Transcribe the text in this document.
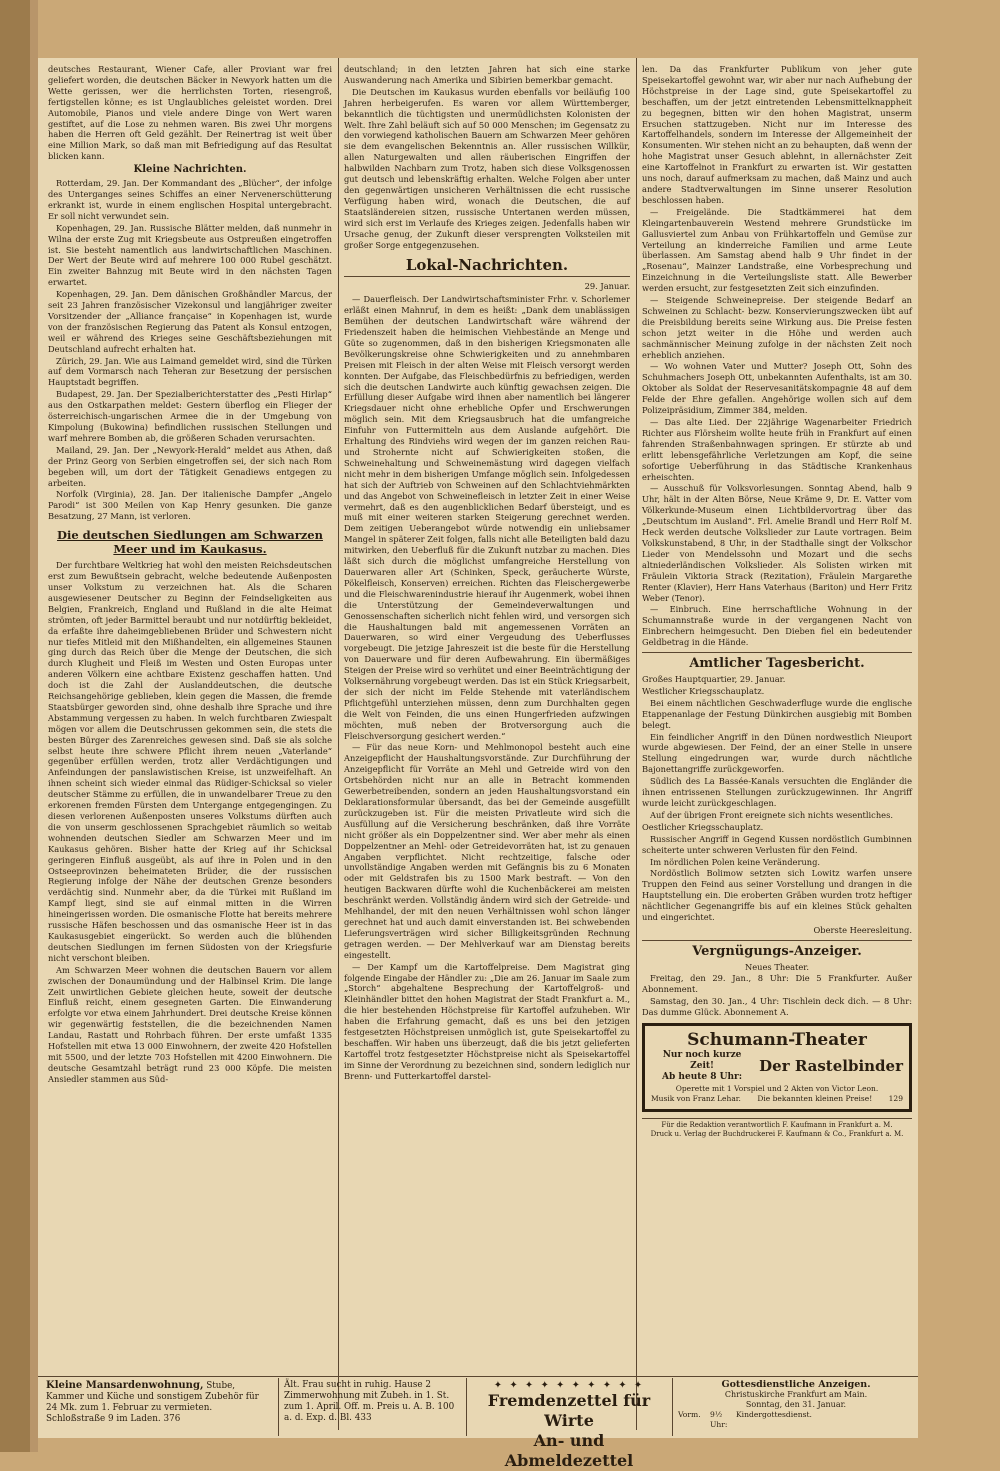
deutsches Restaurant, Wiener Cafe, aller Proviant war frei geliefert worden, die deutschen Bäcker in Newyork hatten um die Wette gerissen, wer die herrlichsten Torten, riesengroß, fertigstellen könne; es ist Unglaubliches geleistet worden. Drei Automobile, Pianos und viele andere Dinge von Wert waren gestiftet, auf die Lose zu nehmen waren. Bis zwei Uhr morgens haben die Herren oft Geld gezählt. Der Reinertrag ist weit über eine Million Mark, so daß man mit Befriedigung auf das Resultat blicken kann.

Kleine Nachrichten.

Rotterdam, 29. Jan. Der Kommandant des „Blücher“, der infolge des Unterganges seines Schiffes an einer Nervenerschütterung erkrankt ist, wurde in einem englischen Hospital untergebracht. Er soll nicht verwundet sein.

Kopenhagen, 29. Jan. Russische Blätter melden, daß nunmehr in Wilna der erste Zug mit Kriegsbeute aus Ostpreußen eingetroffen ist. Sie besteht namentlich aus landwirtschaftlichen Maschinen. Der Wert der Beute wird auf mehrere 100 000 Rubel geschätzt. Ein zweiter Bahnzug mit Beute wird in den nächsten Tagen erwartet.

Kopenhagen, 29. Jan. Dem dänischen Großhändler Marcus, der seit 23 Jahren französischer Vizekonsul und langjähriger zweiter Vorsitzender der „Alliance française“ in Kopenhagen ist, wurde von der französischen Regierung das Patent als Konsul entzogen, weil er während des Krieges seine Geschäftsbeziehungen mit Deutschland aufrecht erhalten hat.

Zürich, 29. Jan. Wie aus Laimand gemeldet wird, sind die Türken auf dem Vormarsch nach Teheran zur Besetzung der persischen Hauptstadt begriffen.

Budapest, 29. Jan. Der Spezialberichterstatter des „Pesti Hirlap“ aus den Ostkarpathen meldet: Gestern überflog ein Flieger der österreichisch-ungarischen Armee die in der Umgebung von Kimpolung (Bukowina) befindlichen russischen Stellungen und warf mehrere Bomben ab, die größeren Schaden verursachten.

Mailand, 29. Jan. Der „Newyork-Herald“ meldet aus Athen, daß der Prinz Georg von Serbien eingetroffen sei, der sich nach Rom begeben will, um dort der Tätigkeit Genadiews entgegen zu arbeiten.

Norfolk (Virginia), 28. Jan. Der italienische Dampfer „Angelo Parodi“ ist 300 Meilen von Kap Henry gesunken. Die ganze Besatzung, 27 Mann, ist verloren.

Die deutschen Siedlungen am Schwarzen Meer und im Kaukasus.

Der furchtbare Weltkrieg hat wohl den meisten Reichsdeutschen erst zum Bewußtsein gebracht, welche bedeutende Außenposten unser Volkstum zu verzeichnen hat. Als die Scharen ausgewiesener Deutscher zu Beginn der Feindseligkeiten aus Belgien, Frankreich, England und Rußland in die alte Heimat strömten, oft jeder Barmittel beraubt und nur notdürftig bekleidet, da erfaßte ihre daheimgebliebenen Brüder und Schwestern nicht nur tiefes Mitleid mit den Mißhandelten, ein allgemeines Staunen ging durch das Reich über die Menge der Deutschen, die sich durch Klugheit und Fleiß im Westen und Osten Europas unter anderen Völkern eine achtbare Existenz geschaffen hatten. Und doch ist die Zahl der Auslanddeutschen, die deutsche Reichsangehörige geblieben, klein gegen die Massen, die fremde Staatsbürger geworden sind, ohne deshalb ihre Sprache und ihre Abstammung vergessen zu haben. In welch furchtbaren Zwiespalt mögen vor allem die Deutschrussen gekommen sein, die stets die besten Bürger des Zarenreiches gewesen sind. Daß sie als solche selbst heute ihre schwere Pflicht ihrem neuen „Vaterlande“ gegenüber erfüllen werden, trotz aller Verdächtigungen und Anfeindungen der panslawistischen Kreise, ist unzweifelhaft. An ihnen scheint sich wieder einmal das Rüdiger-Schicksal so vieler deutscher Stämme zu erfüllen, die in unwandelbarer Treue zu den erkorenen fremden Fürsten dem Untergange entgegengingen. Zu diesen verlorenen Außenposten unseres Volkstums dürften auch die von unserm geschlossenen Sprachgebiet räumlich so weitab wohnenden deutschen Siedler am Schwarzen Meer und im Kaukasus gehören. Bisher hatte der Krieg auf ihr Schicksal geringeren Einfluß ausgeübt, als auf ihre in Polen und in den Ostseeprovinzen beheimateten Brüder, die der russischen Regierung infolge der Nähe der deutschen Grenze besonders verdächtig sind. Nunmehr aber, da die Türkei mit Rußland im Kampf liegt, sind sie auf einmal mitten in die Wirren hineingerissen worden. Die osmanische Flotte hat bereits mehrere russische Häfen beschossen und das osmanische Heer ist in das Kaukasusgebiet eingerückt. So werden auch die blühenden deutschen Siedlungen im fernen Südosten von der Kriegsfurie nicht verschont bleiben.

Am Schwarzen Meer wohnen die deutschen Bauern vor allem zwischen der Donaumündung und der Halbinsel Krim. Die lange Zeit unwirtlichen Gebiete gleichen heute, soweit der deutsche Einfluß reicht, einem gesegneten Garten. Die Einwanderung erfolgte vor etwa einem Jahrhundert. Drei deutsche Kreise können wir gegenwärtig feststellen, die die bezeichnenden Namen Landau, Rastatt und Rohrbach führen. Der erste umfaßt 1335 Hofstellen mit etwa 13 000 Einwohnern, der zweite 420 Hofstellen mit 5500, und der letzte 703 Hofstellen mit 4200 Einwohnern. Die deutsche Gesamtzahl beträgt rund 23 000 Köpfe. Die meisten Ansiedler stammen aus Süd-

deutschland; in den letzten Jahren hat sich eine starke Auswanderung nach Amerika und Sibirien bemerkbar gemacht.

Die Deutschen im Kaukasus wurden ebenfalls vor beiläufig 100 Jahren herbeigerufen. Es waren vor allem Württemberger, bekanntlich die tüchtigsten und unermüdlichsten Kolonisten der Welt. Ihre Zahl beläuft sich auf 50 000 Menschen; im Gegensatz zu den vorwiegend katholischen Bauern am Schwarzen Meer gehören sie dem evangelischen Bekenntnis an. Aller russischen Willkür, allen Naturgewalten und allen räuberischen Eingriffen der halbwilden Nachbarn zum Trotz, haben sich diese Volksgenossen gut deutsch und lebenskräftig erhalten. Welche Folgen aber unter den gegenwärtigen unsicheren Verhältnissen die echt russische Verfügung haben wird, wonach die Deutschen, die auf Staatsländereien sitzen, russische Untertanen werden müssen, wird sich erst im Verlaufe des Krieges zeigen. Jedenfalls haben wir Ursache genug, der Zukunft dieser versprengten Volksteilen mit großer Sorge entgegenzusehen.

Lokal-Nachrichten.
29. Januar.

— Dauerfleisch. Der Landwirtschaftsminister Frhr. v. Schorlemer erläßt einen Mahnruf, in dem es heißt: „Dank dem unablässigen Bemühen der deutschen Landwirtschaft wäre während der Friedenszeit haben die heimischen Viehbestände an Menge und Güte so zugenommen, daß in den bisherigen Kriegsmonaten alle Bevölkerungskreise ohne Schwierigkeiten und zu annehmbaren Preisen mit Fleisch in der alten Weise mit Fleisch versorgt werden konnten. Der Aufgabe, das Fleischbedürfnis zu befriedigen, werden sich die deutschen Landwirte auch künftig gewachsen zeigen. Die Erfüllung dieser Aufgabe wird ihnen aber namentlich bei längerer Kriegsdauer nicht ohne erhebliche Opfer und Erschwerungen möglich sein. Mit dem Kriegsausbruch hat die umfangreiche Einfuhr von Futtermitteln aus dem Auslande aufgehört. Die Erhaltung des Rindviehs wird wegen der im ganzen reichen Rau- und Strohernte nicht auf Schwierigkeiten stoßen, die Schweinehaltung und Schweinemästung wird dagegen vielfach nicht mehr in dem bisherigen Umfange möglich sein. Infolgedessen hat sich der Auftrieb von Schweinen auf den Schlachtviehmärkten und das Angebot von Schweinefleisch in letzter Zeit in einer Weise vermehrt, daß es den augenblicklichen Bedarf übersteigt, und es muß mit einer weiteren starken Steigerung gerechnet werden. Dem zeitigen Ueberangebot würde notwendig ein unliebsamer Mangel in späterer Zeit folgen, falls nicht alle Beteiligten bald dazu mitwirken, den Ueberfluß für die Zukunft nutzbar zu machen. Dies läßt sich durch die möglichst umfangreiche Herstellung von Dauerwaren aller Art (Schinken, Speck, geräucherte Würste, Pökelfleisch, Konserven) erreichen. Richten das Fleischergewerbe und die Fleischwarenindustrie hierauf ihr Augenmerk, wobei ihnen die Unterstützung der Gemeindeverwaltungen und Genossenschaften sicherlich nicht fehlen wird, und versorgen sich die Haushaltungen bald mit angemessenen Vorräten an Dauerwaren, so wird einer Vergeudung des Ueberflusses vorgebeugt. Die jetzige Jahreszeit ist die beste für die Herstellung von Dauerware und für deren Aufbewahrung. Ein übermäßiges Steigen der Preise wird so verhütet und einer Beeinträchtigung der Volksernährung vorgebeugt werden. Das ist ein Stück Kriegsarbeit, der sich der nicht im Felde Stehende mit vaterländischem Pflichtgefühl unterziehen müssen, denn zum Durchhalten gegen die Welt von Feinden, die uns einen Hungerfrieden aufzwingen möchten, muß neben der Brotversorgung auch die Fleischversorgung gesichert werden.“

— Für das neue Korn- und Mehlmonopol besteht auch eine Anzeigepflicht der Haushaltungsvorstände. Zur Durchführung der Anzeigepflicht für Vorräte an Mehl und Getreide wird von den Ortsbehörden nicht nur an alle in Betracht kommenden Gewerbetreibenden, sondern an jeden Haushaltungsvorstand ein Deklarationsformular übersandt, das bei der Gemeinde ausgefüllt zurückzugeben ist. Für die meisten Privatleute wird sich die Ausfüllung auf die Versicherung beschränken, daß ihre Vorräte nicht größer als ein Doppelzentner sind. Wer aber mehr als einen Doppelzentner an Mehl- oder Getreidevorräten hat, ist zu genauen Angaben verpflichtet. Nicht rechtzeitige, falsche oder unvollständige Angaben werden mit Gefängnis bis zu 6 Monaten oder mit Geldstrafen bis zu 1500 Mark bestraft. — Von den heutigen Backwaren dürfte wohl die Kuchenbäckerei am meisten beschränkt werden. Vollständig ändern wird sich der Getreide- und Mehlhandel, der mit den neuen Verhältnissen wohl schon länger gerechnet hat und auch damit einverstanden ist. Bei schwebenden Lieferungsverträgen wird sicher Billigkeitsgründen Rechnung getragen werden. — Der Mehlverkauf war am Dienstag bereits eingestellt.

— Der Kampf um die Kartoffelpreise. Dem Magistrat ging folgende Eingabe der Händler zu: „Die am 26. Januar im Saale zum „Storch“ abgehaltene Besprechung der Kartoffelgroß- und Kleinhändler bittet den hohen Magistrat der Stadt Frankfurt a. M., die hier bestehenden Höchstpreise für Kartoffel aufzuheben. Wir haben die Erfahrung gemacht, daß es uns bei den jetzigen festgesetzten Höchstpreisen unmöglich ist, gute Speisekartoffel zu beschaffen. Wir haben uns überzeugt, daß die bis jetzt gelieferten Kartoffel trotz festgesetzter Höchstpreise nicht als Speisekartoffel im Sinne der Verordnung zu bezeichnen sind, sondern lediglich nur Brenn- und Futterkartoffel darstel-

len. Da das Frankfurter Publikum von jeher gute Speisekartoffel gewohnt war, wir aber nur nach Aufhebung der Höchstpreise in der Lage sind, gute Speisekartoffel zu beschaffen, um der jetzt eintretenden Lebensmittelknappheit zu begegnen, bitten wir den hohen Magistrat, unserm Ersuchen stattzugeben. Nicht nur im Interesse des Kartoffelhandels, sondern im Interesse der Allgemeinheit der Konsumenten. Wir stehen nicht an zu behaupten, daß wenn der hohe Magistrat unser Gesuch ablehnt, in allernächster Zeit eine Kartoffelnot in Frankfurt zu erwarten ist. Wir gestatten uns noch, darauf aufmerksam zu machen, daß Mainz und auch andere Stadtverwaltungen im Sinne unserer Resolution beschlossen haben.

— Freigelände. Die Stadtkämmerei hat dem Kleingartenbauverein Westend mehrere Grundstücke im Gallusviertel zum Anbau von Frühkartoffeln und Gemüse zur Verteilung an kinderreiche Familien und arme Leute überlassen. Am Samstag abend halb 9 Uhr findet in der „Rosenau“, Mainzer Landstraße, eine Vorbesprechung und Einzeichnung in die Verteilungsliste statt. Alle Bewerber werden ersucht, zur festgesetzten Zeit sich einzufinden.

— Steigende Schweinepreise. Der steigende Bedarf an Schweinen zu Schlacht- bezw. Konservierungszwecken übt auf die Preisbildung bereits seine Wirkung aus. Die Preise festen schon jetzt weiter in die Höhe und werden auch sachmännischer Meinung zufolge in der nächsten Zeit noch erheblich anziehen.

— Wo wohnen Vater und Mutter? Joseph Ott, Sohn des Schuhmachers Joseph Ott, unbekannten Aufenthalts, ist am 30. Oktober als Soldat der Reservesanitätskompagnie 48 auf dem Felde der Ehre gefallen. Angehörige wollen sich auf dem Polizeipräsidium, Zimmer 384, melden.

— Das alte Lied. Der 22jährige Wagenarbeiter Friedrich Richter aus Flörsheim wollte heute früh in Frankfurt auf einen fahrenden Straßenbahnwagen springen. Er stürzte ab und erlitt lebensgefährliche Verletzungen am Kopf, die seine sofortige Ueberführung in das Städtische Krankenhaus erheischten.

— Ausschuß für Volksvorlesungen. Sonntag Abend, halb 9 Uhr, hält in der Alten Börse, Neue Kräme 9, Dr. E. Vatter vom Völkerkunde-Museum einen Lichtbildervortrag über das „Deutschtum im Ausland“. Frl. Amelie Brandl und Herr Rolf M. Heck werden deutsche Volkslieder zur Laute vortragen. Beim Volkskunstabend, 8 Uhr, in der Stadthalle singt der Volkschor Lieder von Mendelssohn und Mozart und die sechs altniederländischen Volkslieder. Als Solisten wirken mit Fräulein Viktoria Strack (Rezitation), Fräulein Margarethe Renter (Klavier), Herr Hans Vaterhaus (Bariton) und Herr Fritz Weber (Tenor).

— Einbruch. Eine herrschaftliche Wohnung in der Schumannstraße wurde in der vergangenen Nacht von Einbrechern heimgesucht. Den Dieben fiel ein bedeutender Geldbetrag in die Hände.

Amtlicher Tagesbericht.

Großes Hauptquartier, 29. Januar.

Westlicher Kriegsschauplatz.

Bei einem nächtlichen Geschwaderfluge wurde die englische Etappenanlage der Festung Dünkirchen ausgiebig mit Bomben belegt.

Ein feindlicher Angriff in den Dünen nordwestlich Nieuport wurde abgewiesen. Der Feind, der an einer Stelle in unsere Stellung eingedrungen war, wurde durch nächtliche Bajonettangriffe zurückgeworfen.

Südlich des La Bassée-Kanals versuchten die Engländer die ihnen entrissenen Stellungen zurückzugewinnen. Ihr Angriff wurde leicht zurückgeschlagen.

Auf der übrigen Front ereignete sich nichts wesentliches.

Oestlicher Kriegsschauplatz.

Russischer Angriff in Gegend Kussen nordöstlich Gumbinnen scheiterte unter schweren Verlusten für den Feind.

Im nördlichen Polen keine Veränderung.

Nordöstlich Bolimow setzten sich Lowitz warfen unsere Truppen den Feind aus seiner Vorstellung und drangen in die Hauptstellung ein. Die eroberten Gräben wurden trotz heftiger nächtlicher Gegenangriffe bis auf ein kleines Stück gehalten und eingerichtet.

Oberste Heeresleitung.
Vergnügungs-Anzeiger.
Neues Theater.

Freitag, den 29. Jan., 8 Uhr: Die 5 Frankfurter. Außer Abonnement.

Samstag, den 30. Jan., 4 Uhr: Tischlein deck dich. — 8 Uhr: Das dumme Glück. Abonnement A.

Schumann-Theater
Nur noch kurze Zeit!
Ab heute 8 Uhr:
Der Rastelbinder
Operette mit 1 Vorspiel und 2 Akten von Victor Leon.
Musik von Franz Lehar. Die bekannten kleinen Preise! 129
Für die Redaktion verantwortlich F. Kaufmann in Frankfurt a. M.
Druck u. Verlag der Buchdruckerei F. Kaufmann & Co., Frankfurt a. M.
Kleine Mansardenwohnung, Stube, Kammer und Küche und sonstigem Zubehör für 24 Mk. zum 1. Februar zu vermieten. Schloßstraße 9 im Laden. 376
Ält. Frau sucht in ruhig. Hause 2 Zimmerwohnung mit Zubeh. in 1. St. zum 1. April. Off. m. Preis u. A. B. 100 a. d. Exp. d. Bl. 433
✦ ✦ ✦ ✦ ✦ ✦ ✦ ✦ ✦ ✦
Fremdenzettel für Wirte
An- und Abmeldezettel
Gottesdienstliche Anzeigen.
Christuskirche Frankfurt am Main.
Sonntag, den 31. Januar.
Vorm.	9½ Uhr:
Kindergottesdienst.
